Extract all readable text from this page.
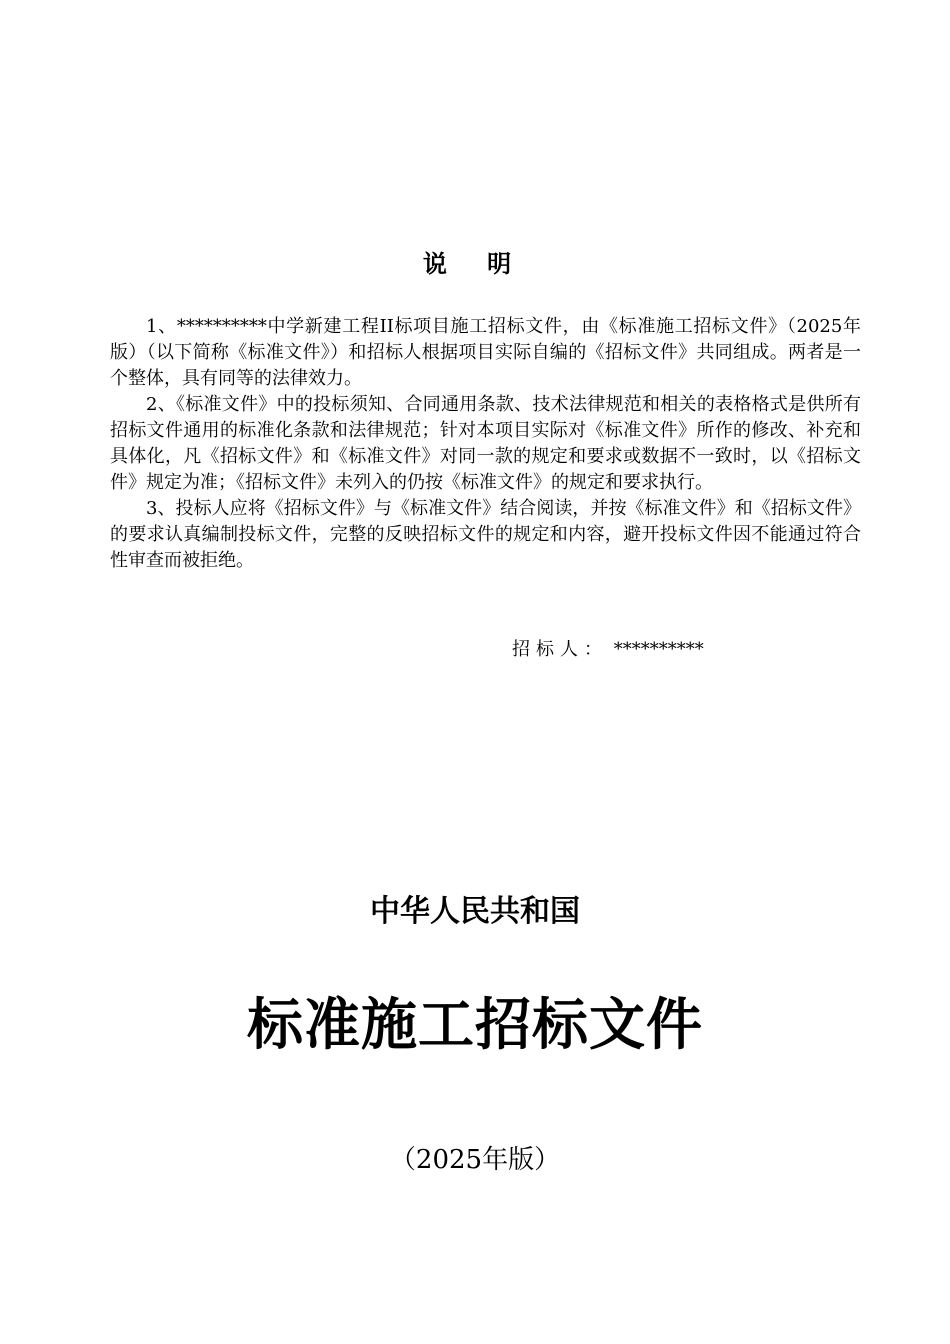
说 明

1、**********中学新建工程II标项目施工招标文件，由《标准施工招标文件》（2025年版）（以下简称《标准文件》）和招标人根据项目实际自编的《招标文件》共同组成。两者是一个整体，具有同等的法律效力。

2、《标准文件》中的投标须知、合同通用条款、技术法律规范和相关的表格格式是供所有招标文件通用的标准化条款和法律规范；针对本项目实际对《标准文件》所作的修改、补充和具体化，凡《招标文件》和《标准文件》对同一款的规定和要求或数据不一致时，以《招标文件》规定为准；《招标文件》未列入的仍按《标准文件》的规定和要求执行。

3、投标人应将《招标文件》与《标准文件》结合阅读，并按《标准文件》和《招标文件》的要求认真编制投标文件，完整的反映招标文件的规定和内容，避开投标文件因不能通过符合性审查而被拒绝。

招标人： **********
中华人民共和国
标准施工招标文件
（2025年版）
